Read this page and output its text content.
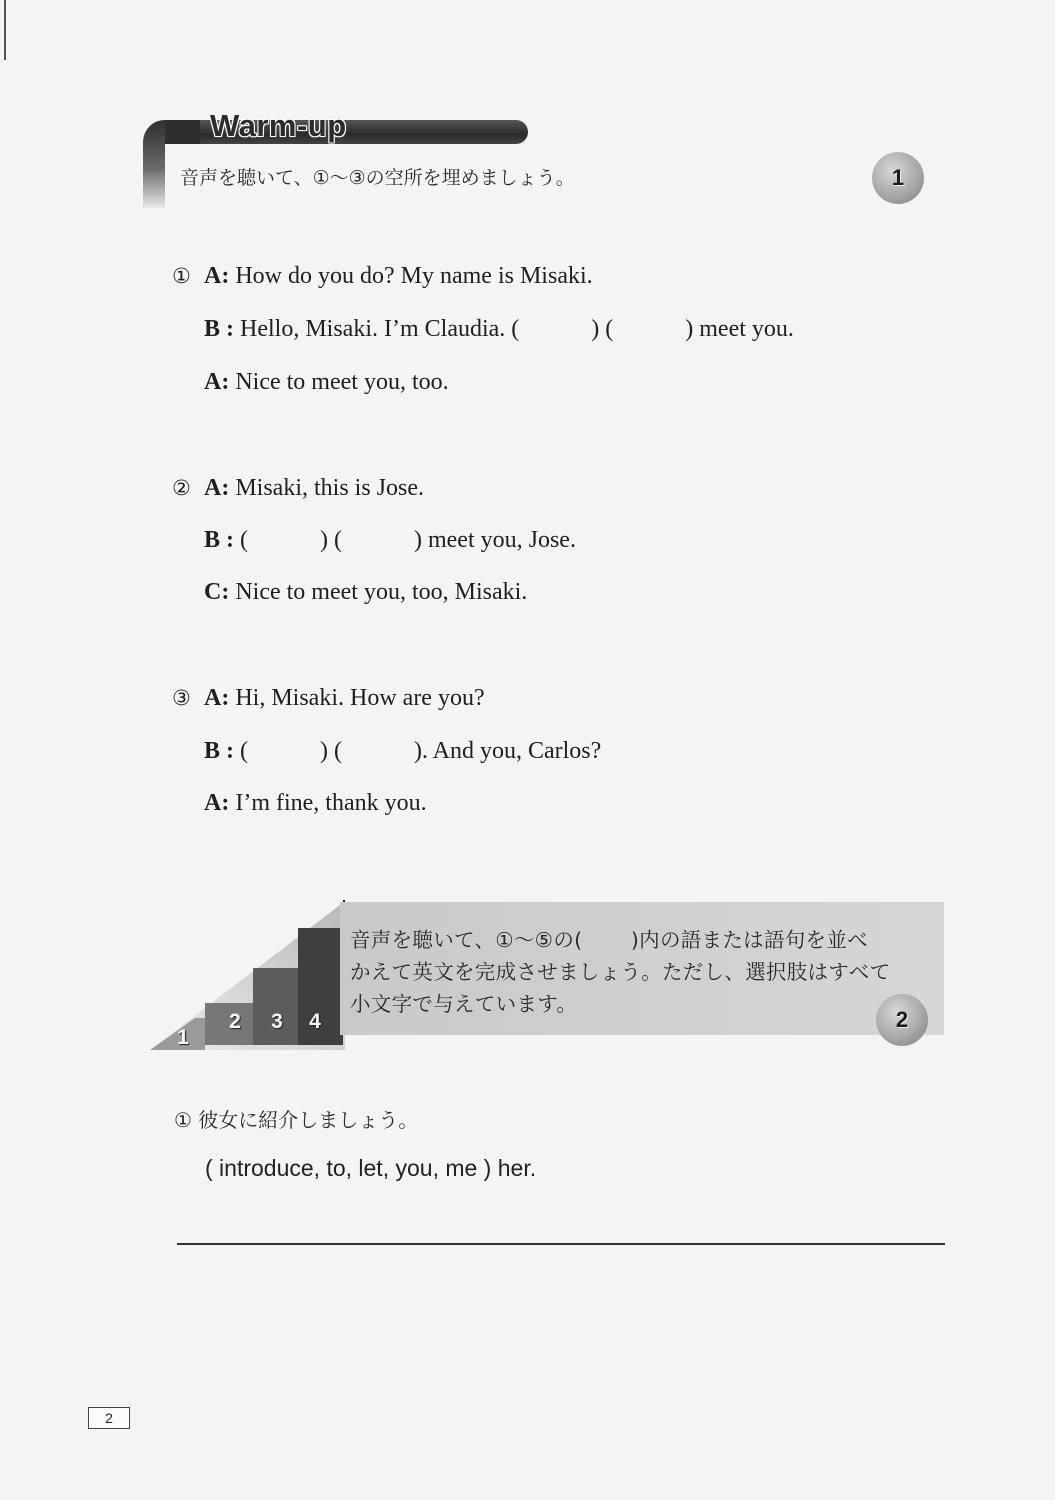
Warm-up
音声を聴いて、①〜③の空所を埋めましょう。	1
① A: How do you do? My name is Misaki.
B : Hello, Misaki. I’m Claudia. (            ) (            ) meet you.
A: Nice to meet you, too.
② A: Misaki, this is Jose.
B : (            ) (            ) meet you, Jose.
C: Nice to meet you, too, Misaki.
③ A: Hi, Misaki. How are you?
B : (            ) (            ). And you, Carlos?
A: I’m fine, thank you.
1
2	3	4
音声を聴いて、①〜⑤の(　　 )内の語または語句を並べ
かえて英文を完成させましょう。ただし、選択肢はすべて
小文字で与えています。
2
① 彼女に紹介しましょう。
( introduce, to, let, you, me ) her.
2
